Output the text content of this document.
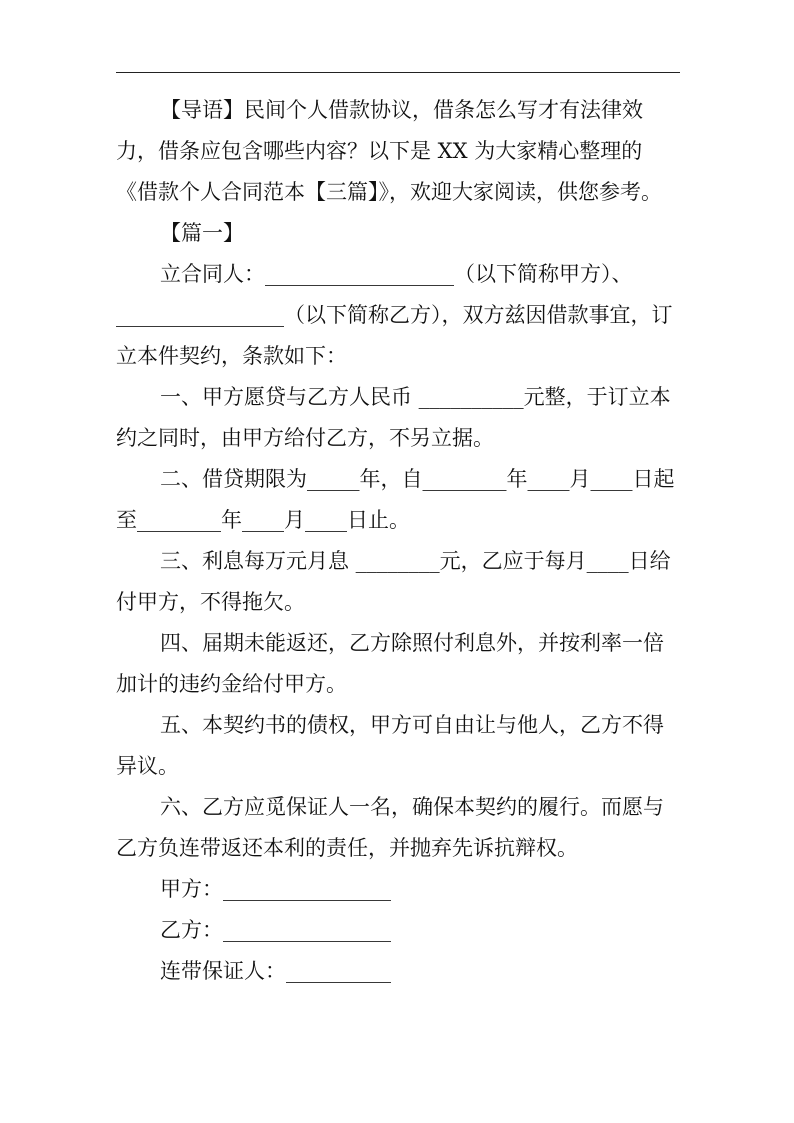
【导语】民间个人借款协议，借条怎么写才有法律效力，借条应包含哪些内容？以下是 XX 为大家精心整理的《借款个人合同范本【三篇】》，欢迎大家阅读，供您参考。

【篇一】

立合同人：__________________（以下简称甲方）、________________（以下简称乙方），双方兹因借款事宜，订立本件契约，条款如下：

一、甲方愿贷与乙方人民币 __________元整，于订立本约之同时，由甲方给付乙方，不另立据。

二、借贷期限为_____年，自________年____月____日起至________年____月____日止。

三、利息每万元月息 ________元，乙应于每月____日给付甲方，不得拖欠。

四、届期未能返还，乙方除照付利息外，并按利率一倍加计的违约金给付甲方。

五、本契约书的债权，甲方可自由让与他人，乙方不得异议。

六、乙方应觅保证人一名，确保本契约的履行。而愿与乙方负连带返还本利的责任，并抛弃先诉抗辩权。

甲方：________________

乙方：________________

连带保证人：__________
